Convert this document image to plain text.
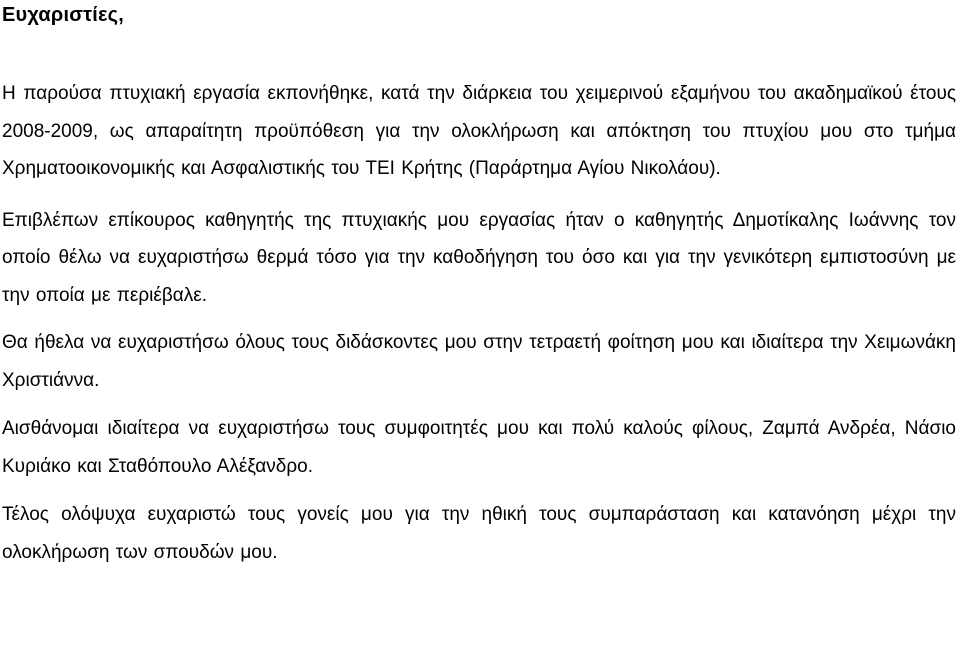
Ευχαριστίες,

Η παρούσα πτυχιακή εργασία εκπονήθηκε, κατά την διάρκεια του χειμερινού εξαμήνου του ακαδημαϊκού έτους 2008-2009, ως απαραίτητη προϋπόθεση για την ολοκλήρωση και απόκτηση του πτυχίου μου στο τμήμα Χρηματοοικονομικής και Ασφαλιστικής του ΤΕΙ Κρήτης (Παράρτημα Αγίου Νικολάου).

Επιβλέπων επίκουρος καθηγητής της πτυχιακής μου εργασίας ήταν ο καθηγητής Δημοτίκαλης Ιωάννης τον οποίο θέλω να ευχαριστήσω θερμά τόσο για την καθοδήγηση του όσο και για την γενικότερη εμπιστοσύνη με την οποία με περιέβαλε.

Θα ήθελα να ευχαριστήσω όλους τους διδάσκοντες μου στην τετραετή φοίτηση μου και ιδιαίτερα την Χειμωνάκη Χριστιάννα.

Αισθάνομαι ιδιαίτερα να ευχαριστήσω τους συμφοιτητές μου και πολύ καλούς φίλους, Ζαμπά Ανδρέα, Νάσιο Κυριάκο και Σταθόπουλο Αλέξανδρο.

Τέλος ολόψυχα ευχαριστώ τους γονείς μου για την ηθική τους συμπαράσταση και κατανόηση μέχρι την ολοκλήρωση των σπουδών μου.
